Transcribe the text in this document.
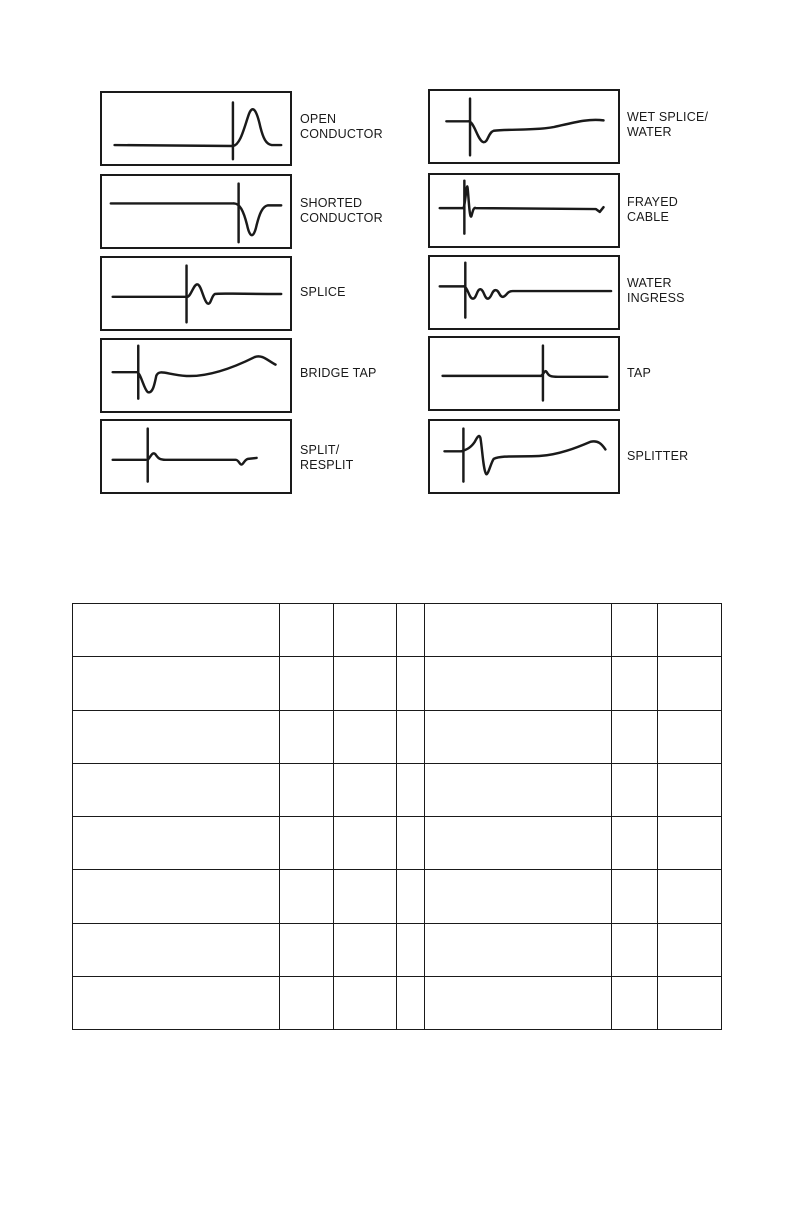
OPEN
CONDUCTOR
SHORTED
CONDUCTOR
SPLICE
BRIDGE TAP
SPLIT/
RESPLIT
WET SPLICE/
WATER
FRAYED
CABLE
WATER
INGRESS
TAP
SPLITTER
